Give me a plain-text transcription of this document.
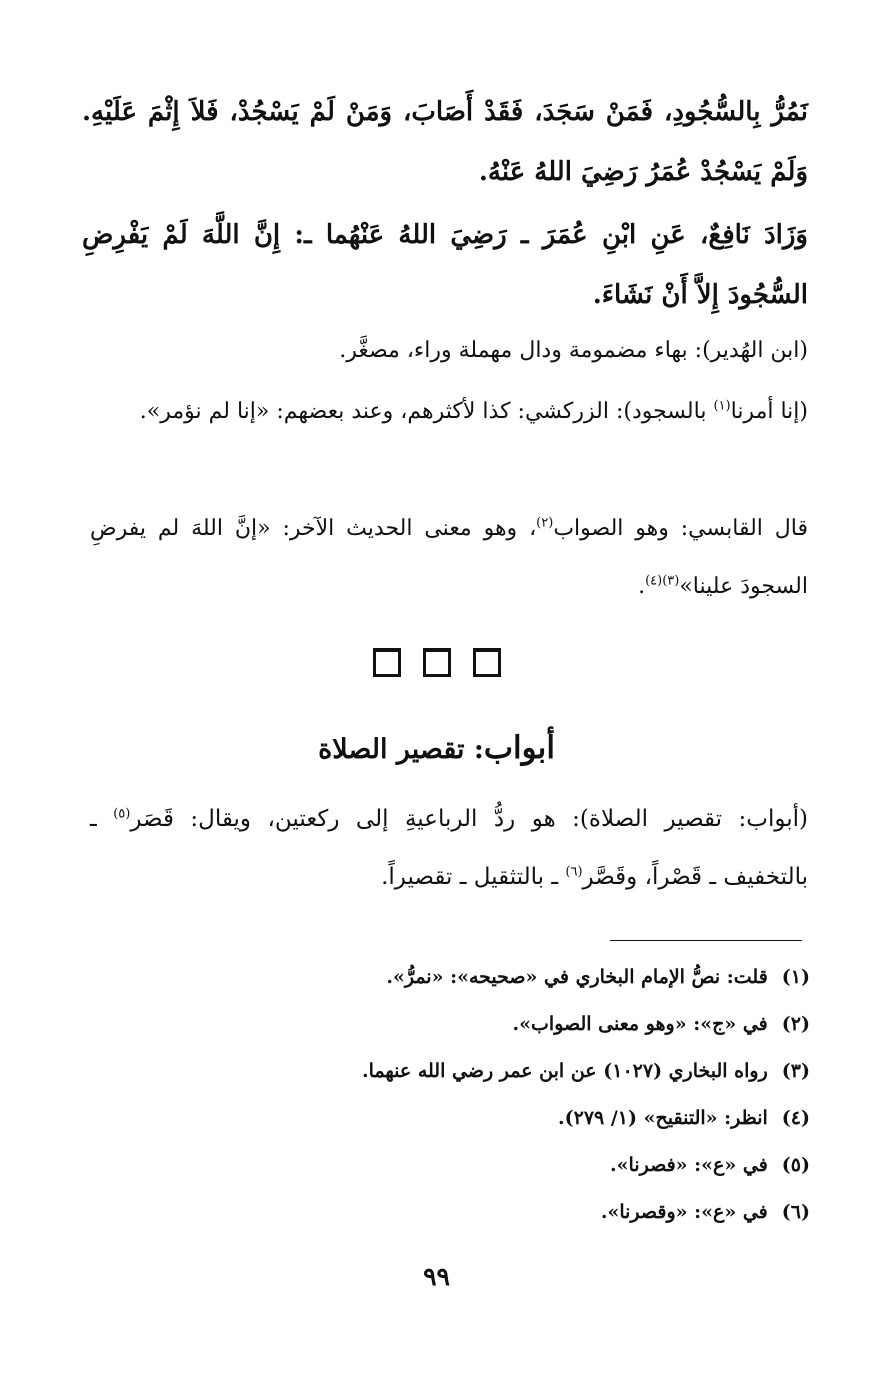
نَمُرُّ بِالسُّجُودِ، فَمَنْ سَجَدَ، فَقَدْ أَصَابَ، وَمَنْ لَمْ يَسْجُدْ، فَلاَ إِثْمَ عَلَيْهِ. وَلَمْ يَسْجُدْ عُمَرُ رَضِيَ اللهُ عَنْهُ.

وَزَادَ نَافِعٌ، عَنِ ابْنِ عُمَرَ ـ رَضِيَ اللهُ عَنْهُما ـ: إِنَّ اللَّهَ لَمْ يَفْرِضِ السُّجُودَ إِلاَّ أَنْ نَشَاءَ.

(ابن الهُدير): بهاء مضمومة ودال مهملة وراء، مصغَّر.

(إنا أمرنا$^{(١)}$ بالسجود): الزركشي: كذا لأكثرهم، وعند بعضهم: «إنا لم نؤمر».

قال القابسي: وهو الصواب$^{(٢)}$، وهو معنى الحديث الآخر: «إنَّ اللهَ لم يفرضِ السجودَ علينا»$^{(٣)(٤)}$.

أبواب: تقصير الصلاة

(أبواب: تقصير الصلاة): هو ردُّ الرباعيةِ إلى ركعتين، ويقال: قَصَر$^{(٥)}$ ـ بالتخفيف ـ قَصْراً، وقَصَّر$^{(٦)}$ ـ بالتثقيل ـ تقصيراً.

(١)قلت: نصُّ الإمام البخاري في «صحيحه»: «نمرُّ».
(٢)في «ج»: «وهو معنى الصواب».
(٣)رواه البخاري (١٠٢٧) عن ابن عمر رضي الله عنهما.
(٤)انظر: «التنقيح» (١/ ٢٧٩).
(٥)في «ع»: «فصرنا».
(٦)في «ع»: «وقصرنا».
٩٩
